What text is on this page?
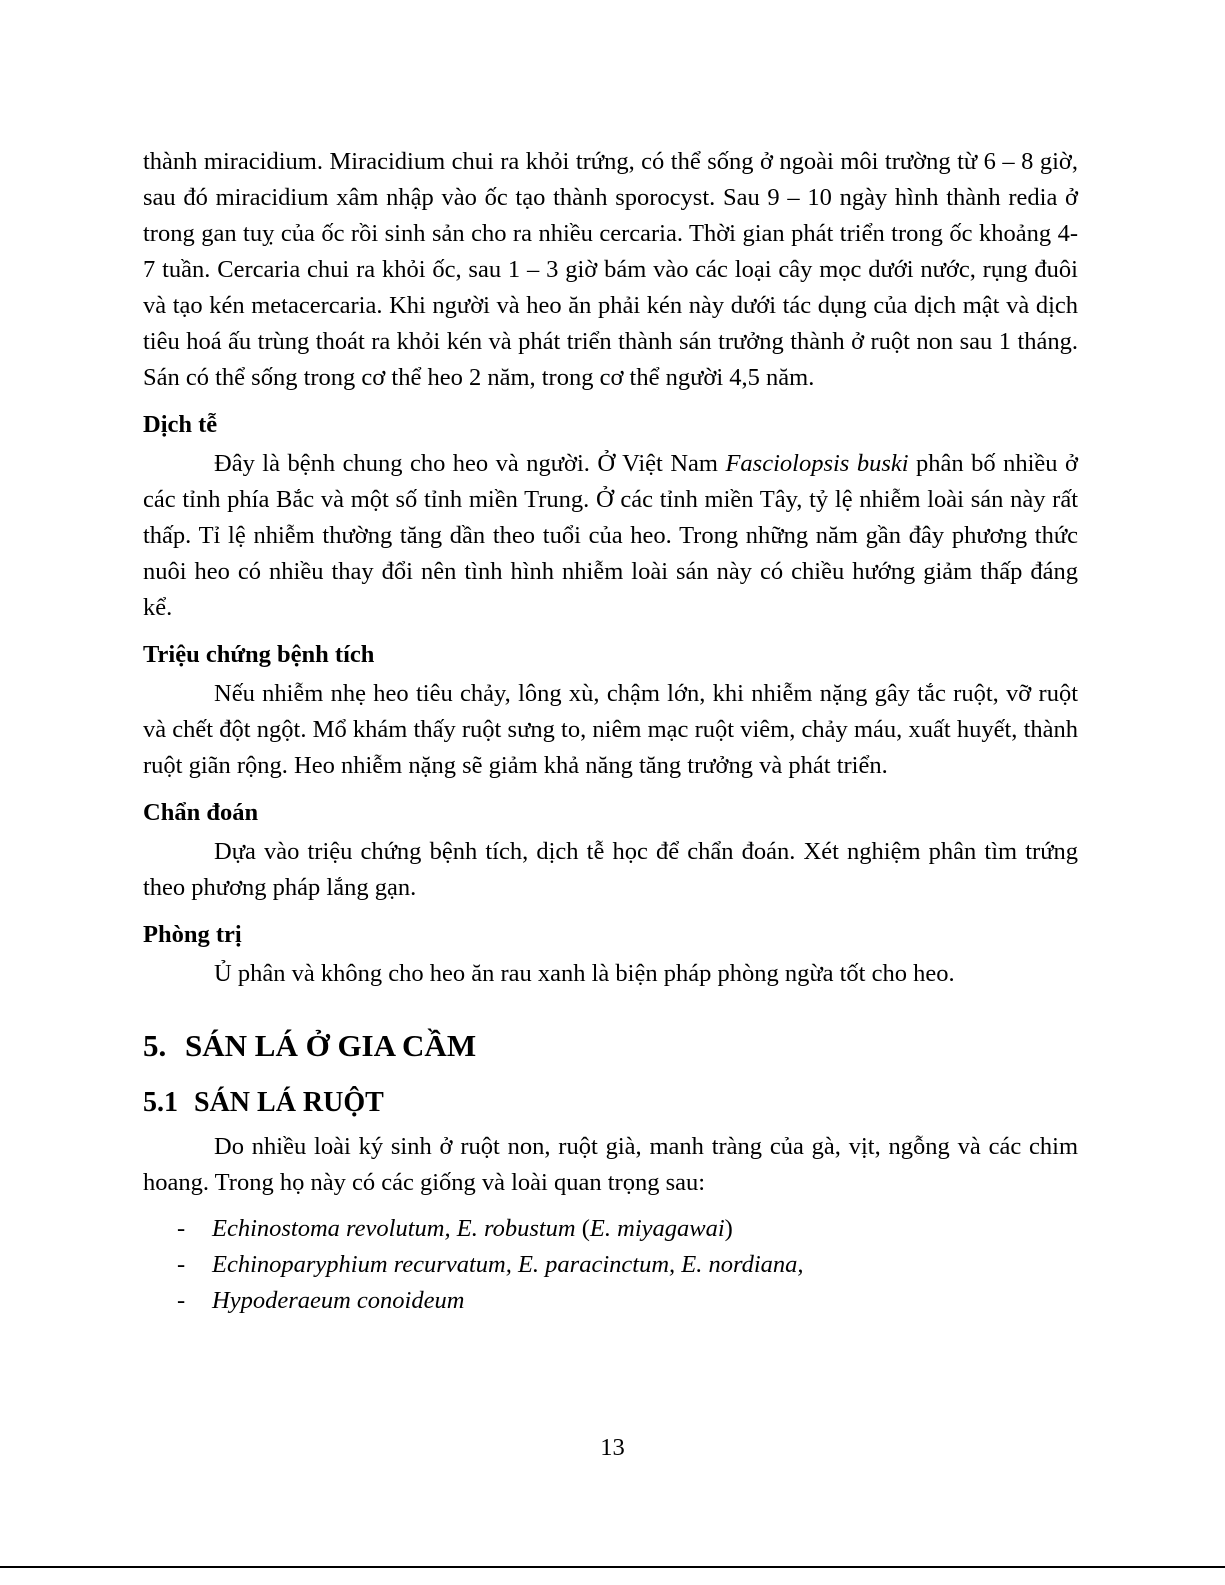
thành miracidium. Miracidium chui ra khỏi trứng, có thể sống ở ngoài môi trường từ 6 – 8 giờ, sau đó miracidium xâm nhập vào ốc tạo thành sporocyst. Sau 9 – 10 ngày hình thành redia ở trong gan tuỵ của ốc rồi sinh sản cho ra nhiều cercaria. Thời gian phát triển trong ốc khoảng 4-7 tuần. Cercaria chui ra khỏi ốc, sau 1 – 3 giờ bám vào các loại cây mọc dưới nước, rụng đuôi và tạo kén metacercaria. Khi người và heo ăn phải kén này dưới tác dụng của dịch mật và dịch tiêu hoá ấu trùng thoát ra khỏi kén và phát triển thành sán trưởng thành ở ruột non sau 1 tháng. Sán có thể sống trong cơ thể heo 2 năm, trong cơ thể người 4,5 năm.

Dịch tễ

Đây là bệnh chung cho heo và người. Ở Việt Nam Fasciolopsis buski phân bố nhiều ở các tỉnh phía Bắc và một số tỉnh miền Trung. Ở các tỉnh miền Tây, tỷ lệ nhiễm loài sán này rất thấp. Tỉ lệ nhiễm thường tăng dần theo tuổi của heo. Trong những năm gần đây phương thức nuôi heo có nhiều thay đổi nên tình hình nhiễm loài sán này có chiều hướng giảm thấp đáng kể.

Triệu chứng bệnh tích

Nếu nhiễm nhẹ heo tiêu chảy, lông xù, chậm lớn, khi nhiễm nặng gây tắc ruột, vỡ ruột và chết đột ngột. Mổ khám thấy ruột sưng to, niêm mạc ruột viêm, chảy máu, xuất huyết, thành ruột giãn rộng. Heo nhiễm nặng sẽ giảm khả năng tăng trưởng và phát triển.

Chẩn đoán

Dựa vào triệu chứng bệnh tích, dịch tễ học để chẩn đoán. Xét nghiệm phân tìm trứng theo phương pháp lắng gạn.

Phòng trị

Ủ phân và không cho heo ăn rau xanh là biện pháp phòng ngừa tốt cho heo.

5. SÁN LÁ Ở GIA CẦM
5.1 SÁN LÁ RUỘT

Do nhiều loài ký sinh ở ruột non, ruột già, manh tràng của gà, vịt, ngỗng và các chim hoang. Trong họ này có các giống và loài quan trọng sau:

- Echinostoma revolutum, E. robustum (E. miyagawai)
- Echinoparyphium recurvatum, E. paracinctum, E. nordiana,
- Hypoderaeum conoideum
13
